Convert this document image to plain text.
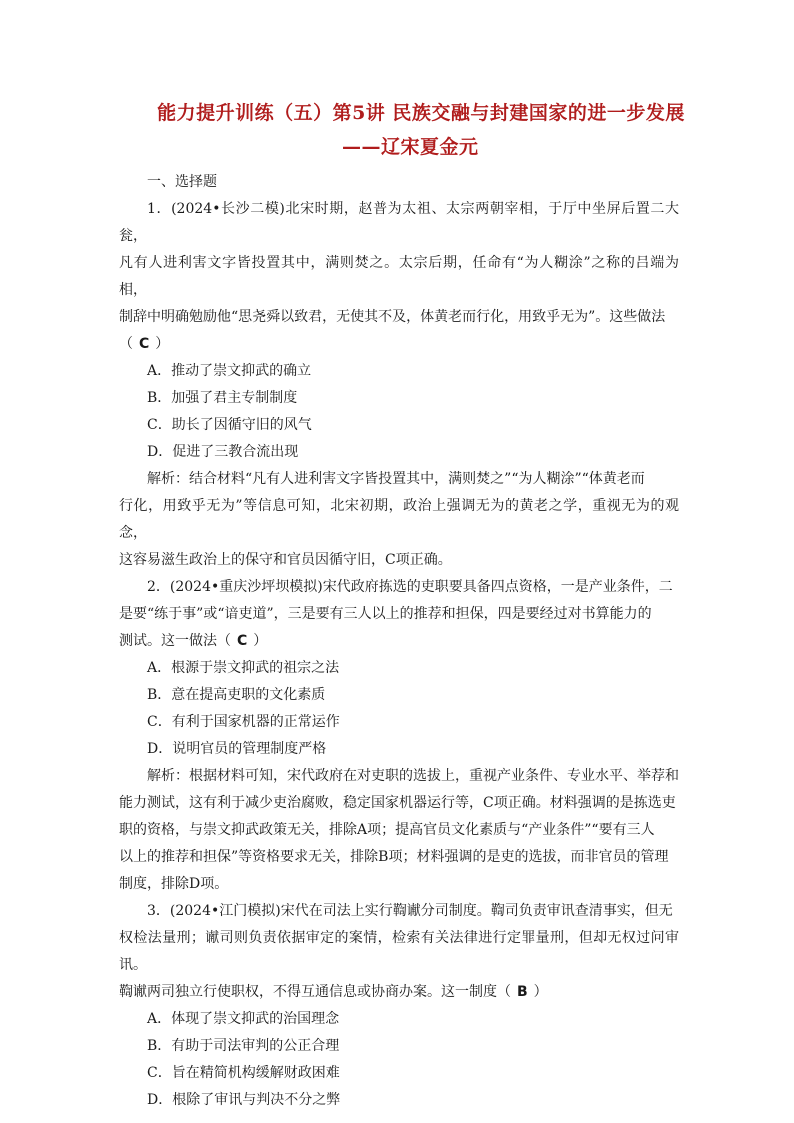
能力提升训练（五）第5讲 民族交融与封建国家的进一步发展
——辽宋夏金元

一、选择题

1．(2024•长沙二模)北宋时期，赵普为太祖、太宗两朝宰相，于厅中坐屏后置二大瓮，

凡有人进利害文字皆投置其中，满则焚之。太宗后期，任命有“为人糊涂”之称的吕端为相，

制辞中明确勉励他“思尧舜以致君，无使其不及，体黄老而行化，用致乎无为”。这些做法

（ C ）

A．推动了崇文抑武的确立

B．加强了君主专制制度

C．助长了因循守旧的风气

D．促进了三教合流出现

解析：结合材料“凡有人进利害文字皆投置其中，满则焚之”“为人糊涂”“体黄老而

行化，用致乎无为”等信息可知，北宋初期，政治上强调无为的黄老之学，重视无为的观念，

这容易滋生政治上的保守和官员因循守旧，C项正确。

2．(2024•重庆沙坪坝模拟)宋代政府拣选的吏职要具备四点资格，一是产业条件，二

是要“练于事”或“谙吏道”，三是要有三人以上的推荐和担保，四是要经过对书算能力的

测试。这一做法（ C ）

A．根源于崇文抑武的祖宗之法

B．意在提高吏职的文化素质

C．有利于国家机器的正常运作

D．说明官员的管理制度严格

解析：根据材料可知，宋代政府在对吏职的选拔上，重视产业条件、专业水平、举荐和

能力测试，这有利于减少吏治腐败，稳定国家机器运行等，C项正确。材料强调的是拣选吏

职的资格，与崇文抑武政策无关，排除A项；提高官员文化素质与“产业条件”“要有三人

以上的推荐和担保”等资格要求无关，排除B项；材料强调的是吏的选拔，而非官员的管理

制度，排除D项。

3．(2024•江门模拟)宋代在司法上实行鞫谳分司制度。鞫司负责审讯查清事实，但无

权检法量刑；谳司则负责依据审定的案情，检索有关法律进行定罪量刑，但却无权过问审讯。

鞫谳两司独立行使职权，不得互通信息或协商办案。这一制度（ B ）

A．体现了崇文抑武的治国理念

B．有助于司法审判的公正合理

C．旨在精简机构缓解财政困难

D．根除了审讯与判决不分之弊
